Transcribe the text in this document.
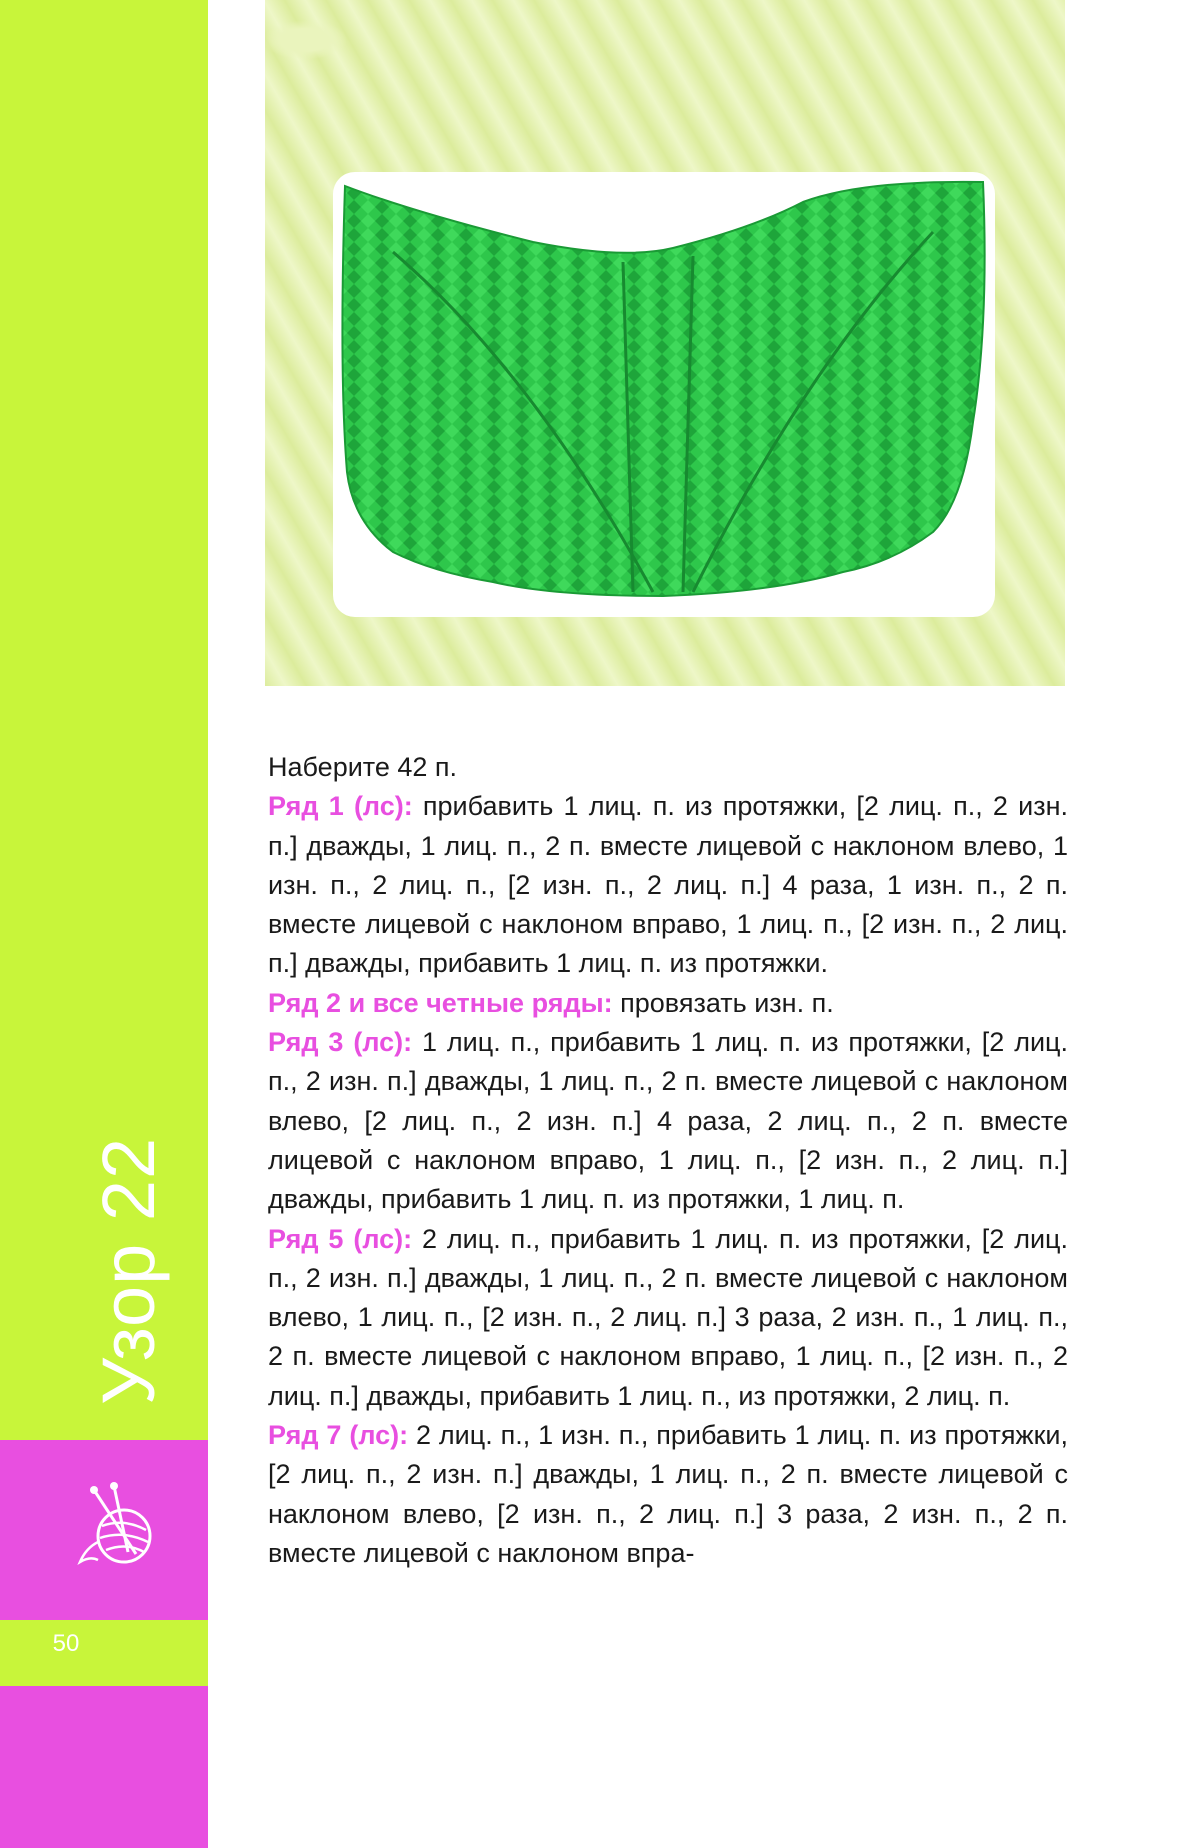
Узор 22
50

Наберите 42 п.

Ряд 1 (лс): прибавить 1 лиц. п. из протяжки, [2 лиц. п., 2 изн. п.] дважды, 1 лиц. п., 2 п. вместе лицевой с наклоном влево, 1 изн. п., 2 лиц. п., [2 изн. п., 2 лиц. п.] 4 раза, 1 изн. п., 2 п. вместе лицевой с наклоном вправо, 1 лиц. п., [2 изн. п., 2 лиц. п.] дважды, прибавить 1 лиц. п. из протяжки.

Ряд 2 и все четные ряды: провязать изн. п.

Ряд 3 (лс): 1 лиц. п., прибавить 1 лиц. п. из протяжки, [2 лиц. п., 2 изн. п.] дважды, 1 лиц. п., 2 п. вместе лицевой с наклоном влево, [2 лиц. п., 2 изн. п.] 4 раза, 2 лиц. п., 2 п. вместе лицевой с наклоном вправо, 1 лиц. п., [2 изн. п., 2 лиц. п.] дважды, прибавить 1 лиц. п. из протяжки, 1 лиц. п.

Ряд 5 (лс): 2 лиц. п., прибавить 1 лиц. п. из протяжки, [2 лиц. п., 2 изн. п.] дважды, 1 лиц. п., 2 п. вместе лицевой с наклоном влево, 1 лиц. п., [2 изн. п., 2 лиц. п.] 3 раза, 2 изн. п., 1 лиц. п., 2 п. вместе лицевой с наклоном вправо, 1 лиц. п., [2 изн. п., 2 лиц. п.] дважды, прибавить 1 лиц. п., из протяжки, 2 лиц. п.

Ряд 7 (лс): 2 лиц. п., 1 изн. п., прибавить 1 лиц. п. из протяжки, [2 лиц. п., 2 изн. п.] дважды, 1 лиц. п., 2 п. вместе лицевой с наклоном влево, [2 изн. п., 2 лиц. п.] 3 раза, 2 изн. п., 2 п. вместе лицевой с наклоном впра-
